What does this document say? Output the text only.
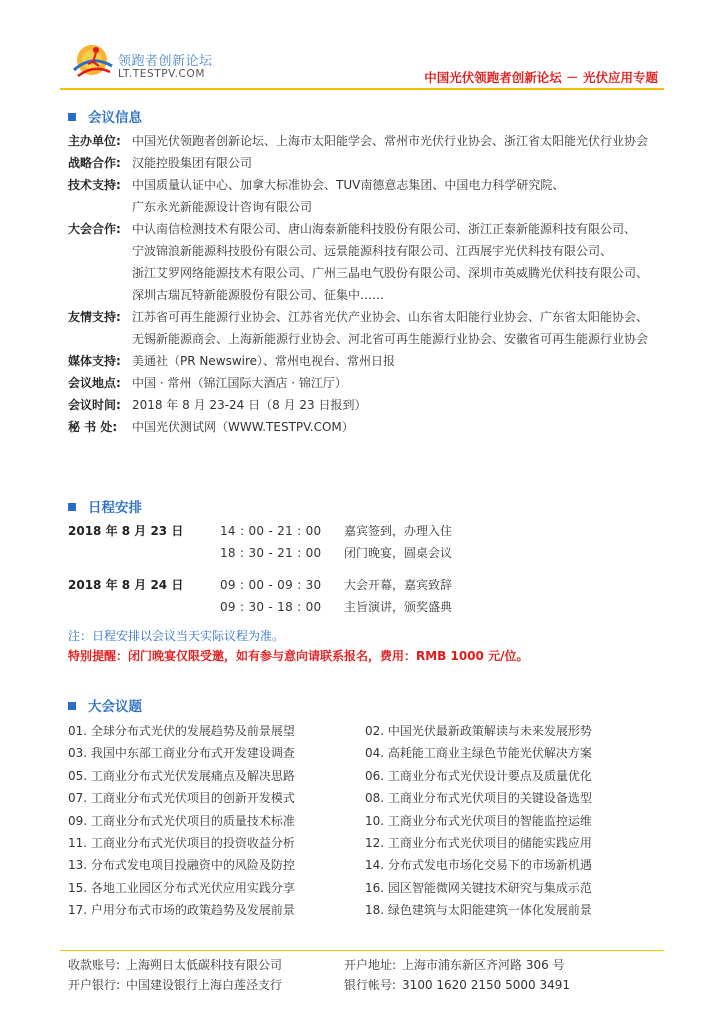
领跑者创新论坛
LT.TESTPV.COM	中国光伏领跑者创新论坛 － 光伏应用专题
会议信息
主办单位: 中国光伏领跑者创新论坛、上海市太阳能学会、常州市光伏行业协会、浙江省太阳能光伏行业协会
战略合作: 汉能控股集团有限公司
技术支持: 中国质量认证中心、加拿大标准协会、TUV南德意志集团、中国电力科学研究院、
广东永光新能源设计咨询有限公司
大会合作: 中认南信检测技术有限公司、唐山海泰新能科技股份有限公司、浙江正泰新能源科技有限公司、
宁波锦浪新能源科技股份有限公司、远景能源科技有限公司、江西展宇光伏科技有限公司、
浙江艾罗网络能源技术有限公司、广州三晶电气股份有限公司、深圳市英威腾光伏科技有限公司、
深圳古瑞瓦特新能源股份有限公司、征集中……
友情支持: 江苏省可再生能源行业协会、江苏省光伏产业协会、山东省太阳能行业协会、广东省太阳能协会、
无锡新能源商会、上海新能源行业协会、河北省可再生能源行业协会、安徽省可再生能源行业协会
媒体支持: 美通社（PR Newswire）、常州电视台、常州日报
会议地点: 中国 · 常州（锦江国际大酒店 · 锦江厅）
会议时间: 2018 年 8 月 23-24 日（8 月 23 日报到）
秘 书 处:	中国光伏测试网（WWW.TESTPV.COM）
日程安排
2018 年 8 月 23 日	14 : 00 - 21 : 00	嘉宾签到，办理入住
18 : 30 - 21 : 00	闭门晚宴，圆桌会议
2018 年 8 月 24 日	09 : 00 - 09 : 30	大会开幕，嘉宾致辞
09 : 30 - 18 : 00	主旨演讲，颁奖盛典
注：日程安排以会议当天实际议程为准。
特别提醒：闭门晚宴仅限受邀，如有参与意向请联系报名，费用：RMB 1000 元/位。
大会议题
01. 全球分布式光伏的发展趋势及前景展望	02. 中国光伏最新政策解读与未来发展形势
03. 我国中东部工商业分布式开发建设调查	04. 高耗能工商业主绿色节能光伏解决方案
05. 工商业分布式光伏发展痛点及解决思路	06. 工商业分布式光伏设计要点及质量优化
07. 工商业分布式光伏项目的创新开发模式	08. 工商业分布式光伏项目的关键设备选型
09. 工商业分布式光伏项目的质量技术标准	10. 工商业分布式光伏项目的智能监控运维
11. 工商业分布式光伏项目的投资收益分析	12. 工商业分布式光伏项目的储能实践应用
13. 分布式发电项目投融资中的风险及防控	14. 分布式发电市场化交易下的市场新机遇
15. 各地工业园区分布式光伏应用实践分享	16. 园区智能微网关键技术研究与集成示范
17. 户用分布式市场的政策趋势及发展前景	18. 绿色建筑与太阳能建筑一体化发展前景
收款账号: 上海朔日太低碳科技有限公司	开户地址: 上海市浦东新区齐河路 306 号
开户银行: 中国建设银行上海白莲泾支行	银行帐号: 3100 1620 2150 5000 3491
